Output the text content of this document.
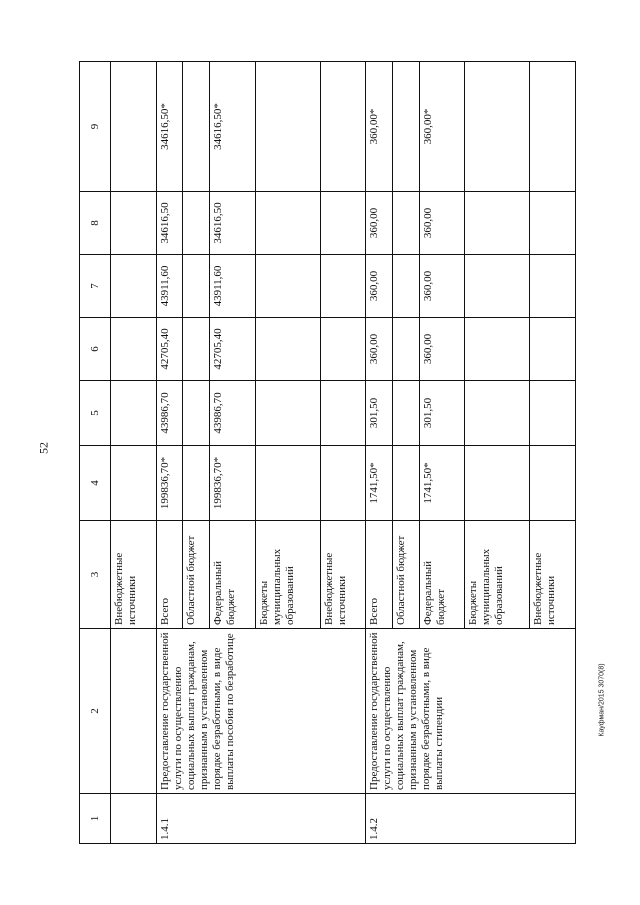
52
Кауфман/2015 3070(8)
1	2	3	4	5	6	7	8	9
		Внебюджетные источники						
1.4.1	Предоставление государственной услуги по осуществлению социальных выплат гражданам, признанным в установленном порядке безработными, в виде выплаты пособия по безработице	Всего	199836,70*	43986,70	42705,40	43911,60	34616,50	34616,50*
		Областной бюджет						
		Федеральный бюджет	199836,70*	43986,70	42705,40	43911,60	34616,50	34616,50*
		Бюджеты муниципальных образований						
		Внебюджетные источники						
1.4.2	Предоставление государственной услуги по осуществлению социальных выплат гражданам, признанным в установленном порядке безработными, в виде выплаты стипендии	Всего	1741,50*	301,50	360,00	360,00	360,00	360,00*
		Областной бюджет						
		Федеральный бюджет	1741,50*	301,50	360,00	360,00	360,00	360,00*
		Бюджеты муниципальных образований						
		Внебюджетные источники						
